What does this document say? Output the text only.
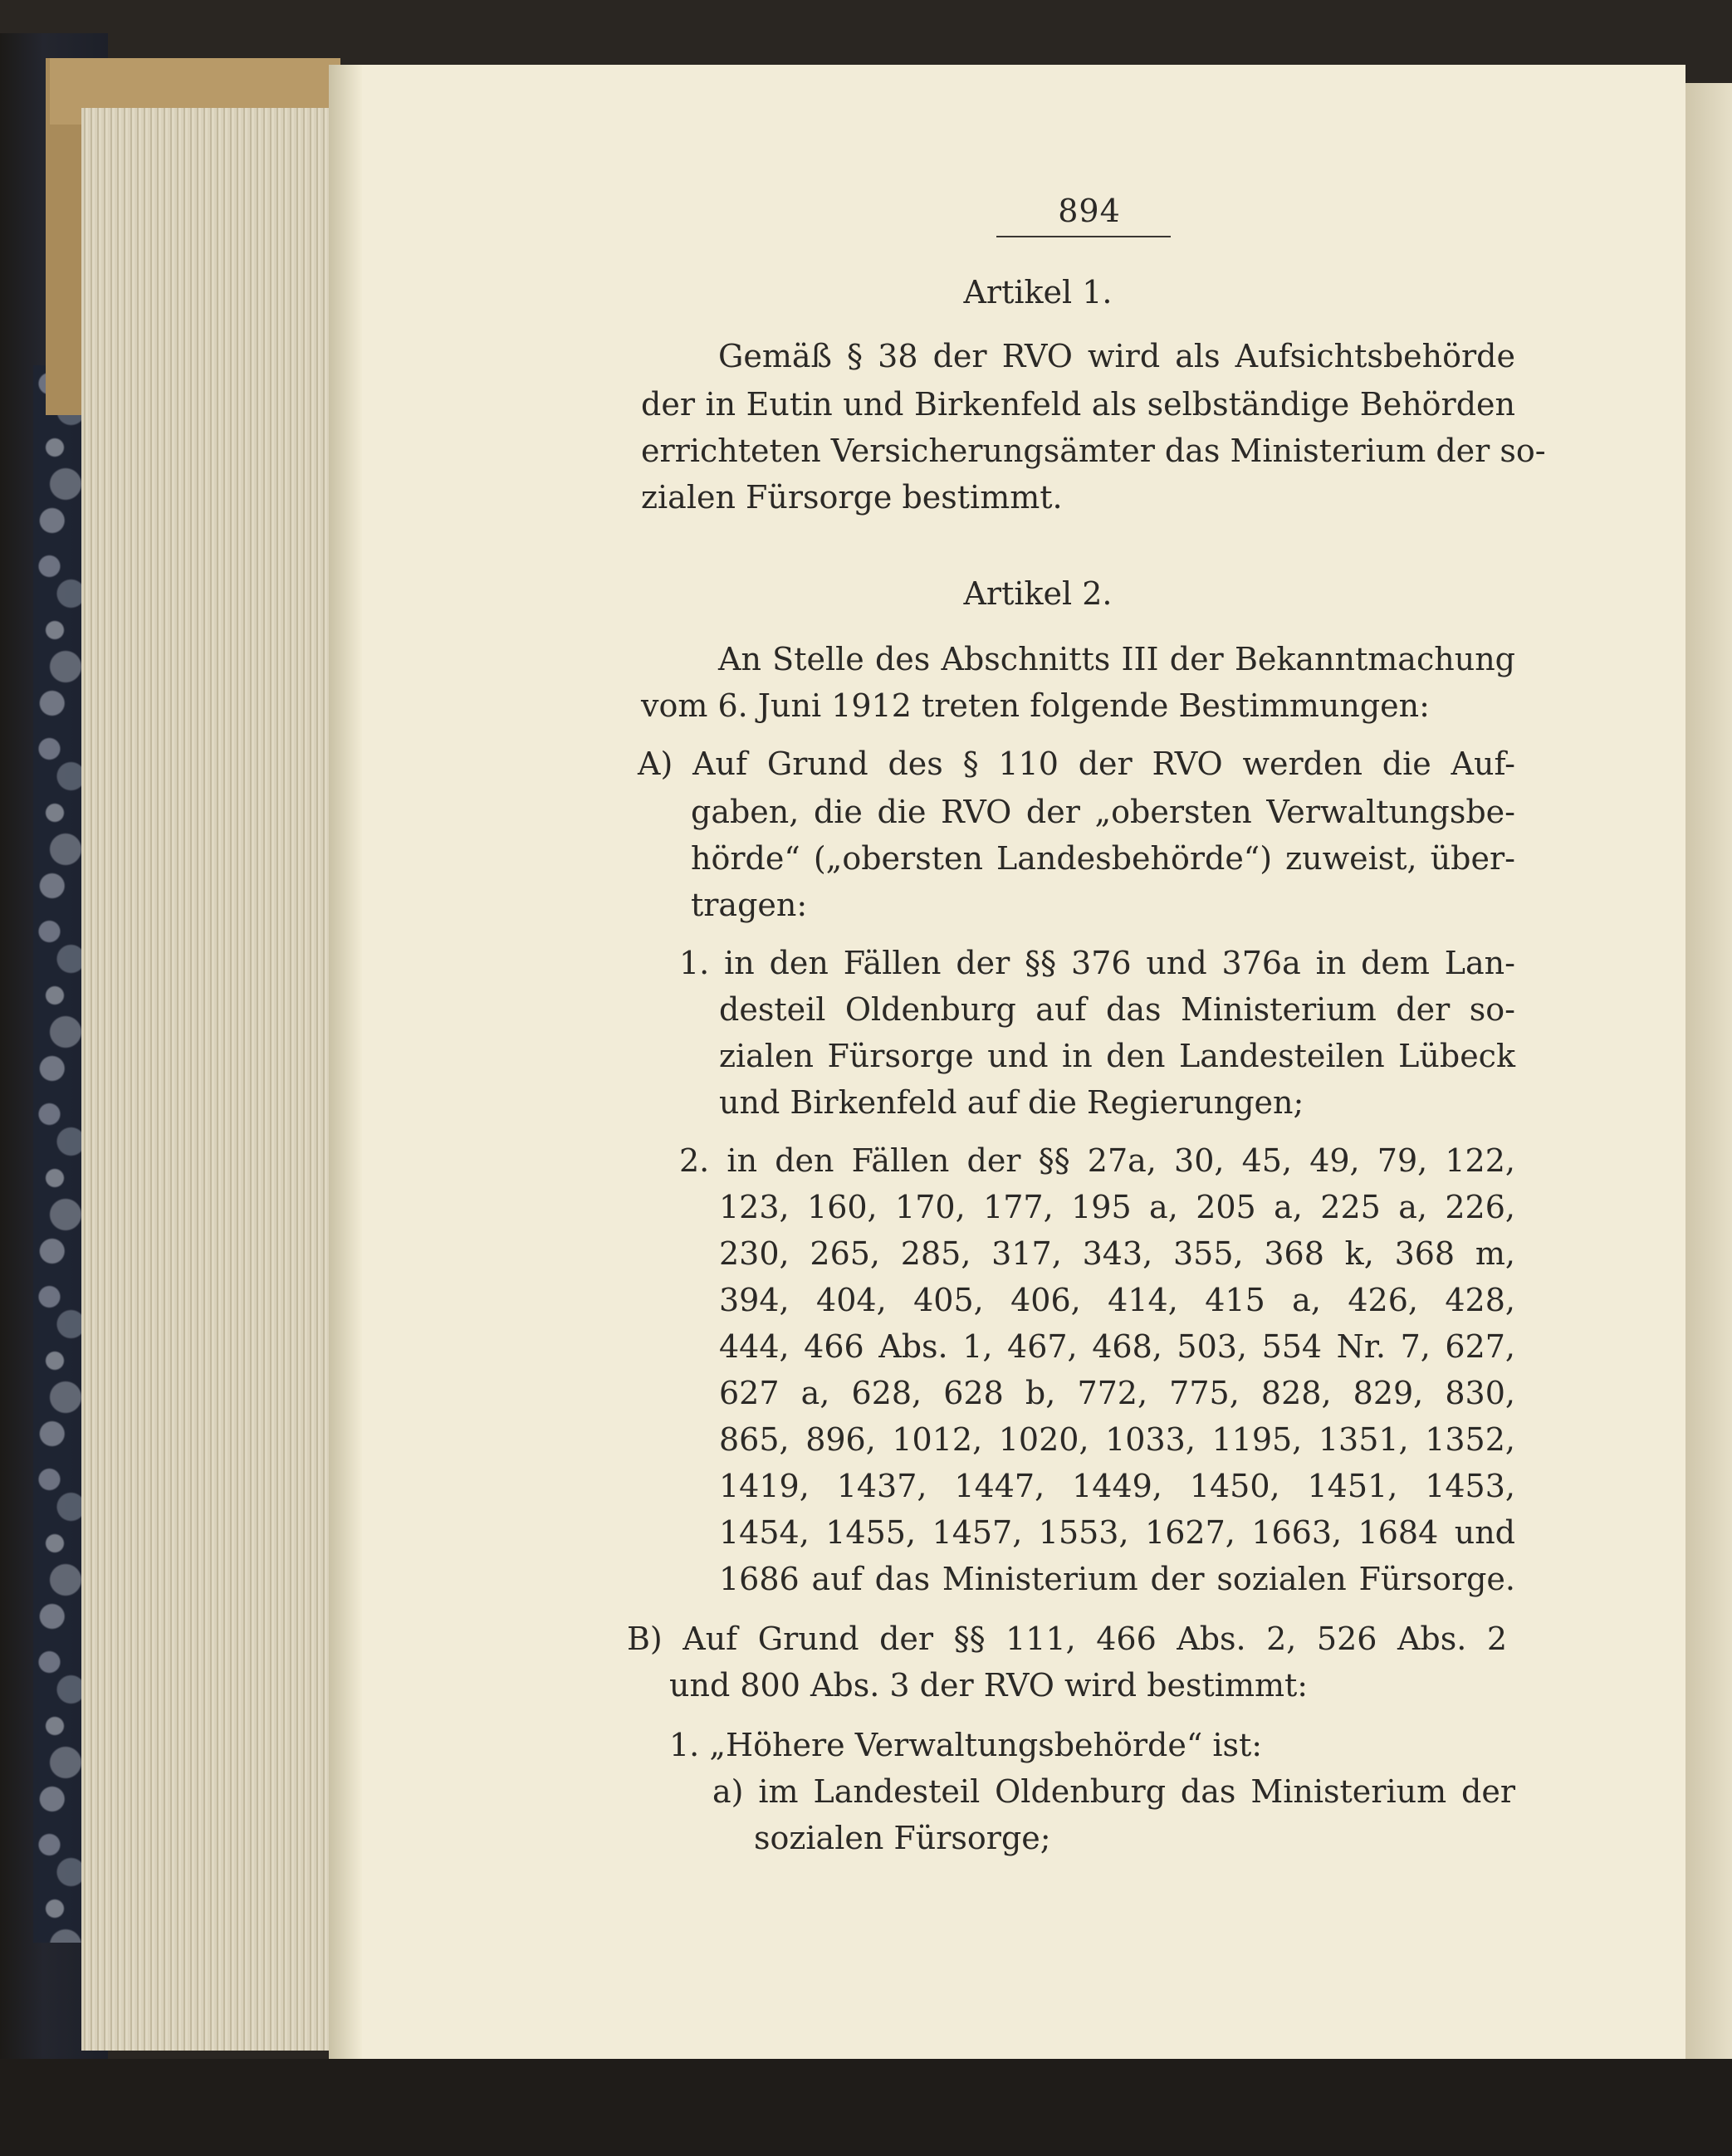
894
Artikel 1.
Gemäß § 38 der RVO wird als Aufsichtsbehörde
der in Eutin und Birkenfeld als selbständige Behörden
errichteten Versicherungsämter das Ministerium der so-
zialen Fürsorge bestimmt.
Artikel 2.
An Stelle des Abschnitts III der Bekanntmachung
vom 6. Juni 1912 treten folgende Bestimmungen:
A) Auf Grund des § 110 der RVO werden die Auf-
gaben, die die RVO der „obersten Verwaltungsbe-
hörde“ („obersten Landesbehörde“) zuweist, über-
tragen:
1. in den Fällen der §§ 376 und 376a in dem Lan-
desteil Oldenburg auf das Ministerium der so-
zialen Fürsorge und in den Landesteilen Lübeck
und Birkenfeld auf die Regierungen;
2. in den Fällen der §§ 27a, 30, 45, 49, 79, 122,
123, 160, 170, 177, 195 a, 205 a, 225 a, 226,
230, 265, 285, 317, 343, 355, 368 k, 368 m,
394, 404, 405, 406, 414, 415 a, 426, 428,
444, 466 Abs. 1, 467, 468, 503, 554 Nr. 7, 627,
627 a, 628, 628 b, 772, 775, 828, 829, 830,
865, 896, 1012, 1020, 1033, 1195, 1351, 1352,
1419, 1437, 1447, 1449, 1450, 1451, 1453,
1454, 1455, 1457, 1553, 1627, 1663, 1684 und
1686 auf das Ministerium der sozialen Fürsorge.
B) Auf Grund der §§ 111, 466 Abs. 2, 526 Abs. 2
und 800 Abs. 3 der RVO wird bestimmt:
1. „Höhere Verwaltungsbehörde“ ist:
a) im Landesteil Oldenburg das Ministerium der
sozialen Fürsorge;
